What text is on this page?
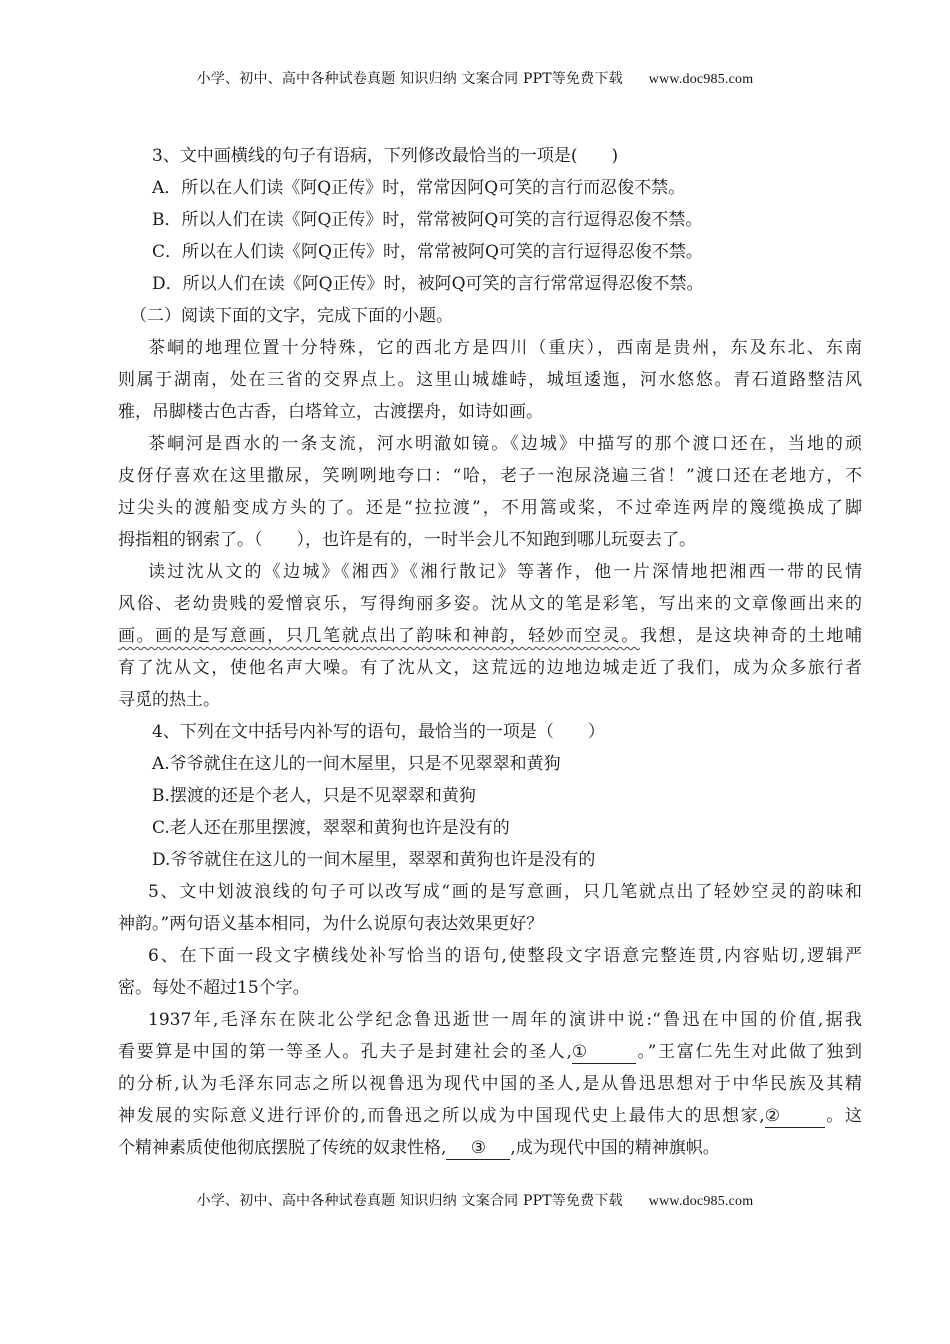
小学、初中、高中各种试卷真题 知识归纳 文案合同 PPT等免费下载 www.doc985.com
3、文中画横线的句子有语病，下列修改最恰当的一项是(　　)
A．所以在人们读《阿Q正传》时，常常因阿Q可笑的言行而忍俊不禁。
B．所以人们在读《阿Q正传》时，常常被阿Q可笑的言行逗得忍俊不禁。
C．所以在人们读《阿Q正传》时，常常被阿Q可笑的言行逗得忍俊不禁。
D．所以人们在读《阿Q正传》时，被阿Q可笑的言行常常逗得忍俊不禁。
（二）阅读下面的文字，完成下面的小题。
茶峒的地理位置十分特殊，它的西北方是四川（重庆），西南是贵州，东及东北、东南
则属于湖南，处在三省的交界点上。这里山城雄峙，城垣逶迤，河水悠悠。青石道路整洁风
雅，吊脚楼古色古香，白塔耸立，古渡摆舟，如诗如画。
茶峒河是酉水的一条支流，河水明澈如镜。《边城》中描写的那个渡口还在，当地的顽
皮伢仔喜欢在这里撒尿，笑咧咧地夸口：“哈，老子一泡尿浇遍三省！”渡口还在老地方，不
过尖头的渡船变成方头的了。还是“拉拉渡”，不用篙或桨，不过牵连两岸的篾缆换成了脚
拇指粗的钢索了。（　　），也许是有的，一时半会儿不知跑到哪儿玩耍去了。
读过沈从文的《边城》《湘西》《湘行散记》等著作，他一片深情地把湘西一带的民情
风俗、老幼贵贱的爱憎哀乐，写得绚丽多姿。沈从文的笔是彩笔，写出来的文章像画出来的
画。画的是写意画，只几笔就点出了韵味和神韵，轻妙而空灵。我想，是这块神奇的土地哺
育了沈从文，使他名声大噪。有了沈从文，这荒远的边地边城走近了我们，成为众多旅行者
寻觅的热土。
4、下列在文中括号内补写的语句，最恰当的一项是（　　）
A.爷爷就住在这儿的一间木屋里，只是不见翠翠和黄狗
B.摆渡的还是个老人，只是不见翠翠和黄狗
C.老人还在那里摆渡，翠翠和黄狗也许是没有的
D.爷爷就住在这儿的一间木屋里，翠翠和黄狗也许是没有的
5、文中划波浪线的句子可以改写成“画的是写意画，只几笔就点出了轻妙空灵的韵味和
神韵。”两句语义基本相同，为什么说原句表达效果更好？
6、在下面一段文字横线处补写恰当的语句,使整段文字语意完整连贯,内容贴切,逻辑严
密。每处不超过15个字。
1937年,毛泽东在陕北公学纪念鲁迅逝世一周年的演讲中说:“鲁迅在中国的价值,据我
看要算是中国的第一等圣人。孔夫子是封建社会的圣人,①	。”王富仁先生对此做了独到
的分析,认为毛泽东同志之所以视鲁迅为现代中国的圣人,是从鲁迅思想对于中华民族及其精
神发展的实际意义进行评价的,而鲁迅之所以成为中国现代史上最伟大的思想家,②	。这
个精神素质使他彻底摆脱了传统的奴隶性格, ③ ,成为现代中国的精神旗帜。
小学、初中、高中各种试卷真题 知识归纳 文案合同 PPT等免费下载 www.doc985.com
